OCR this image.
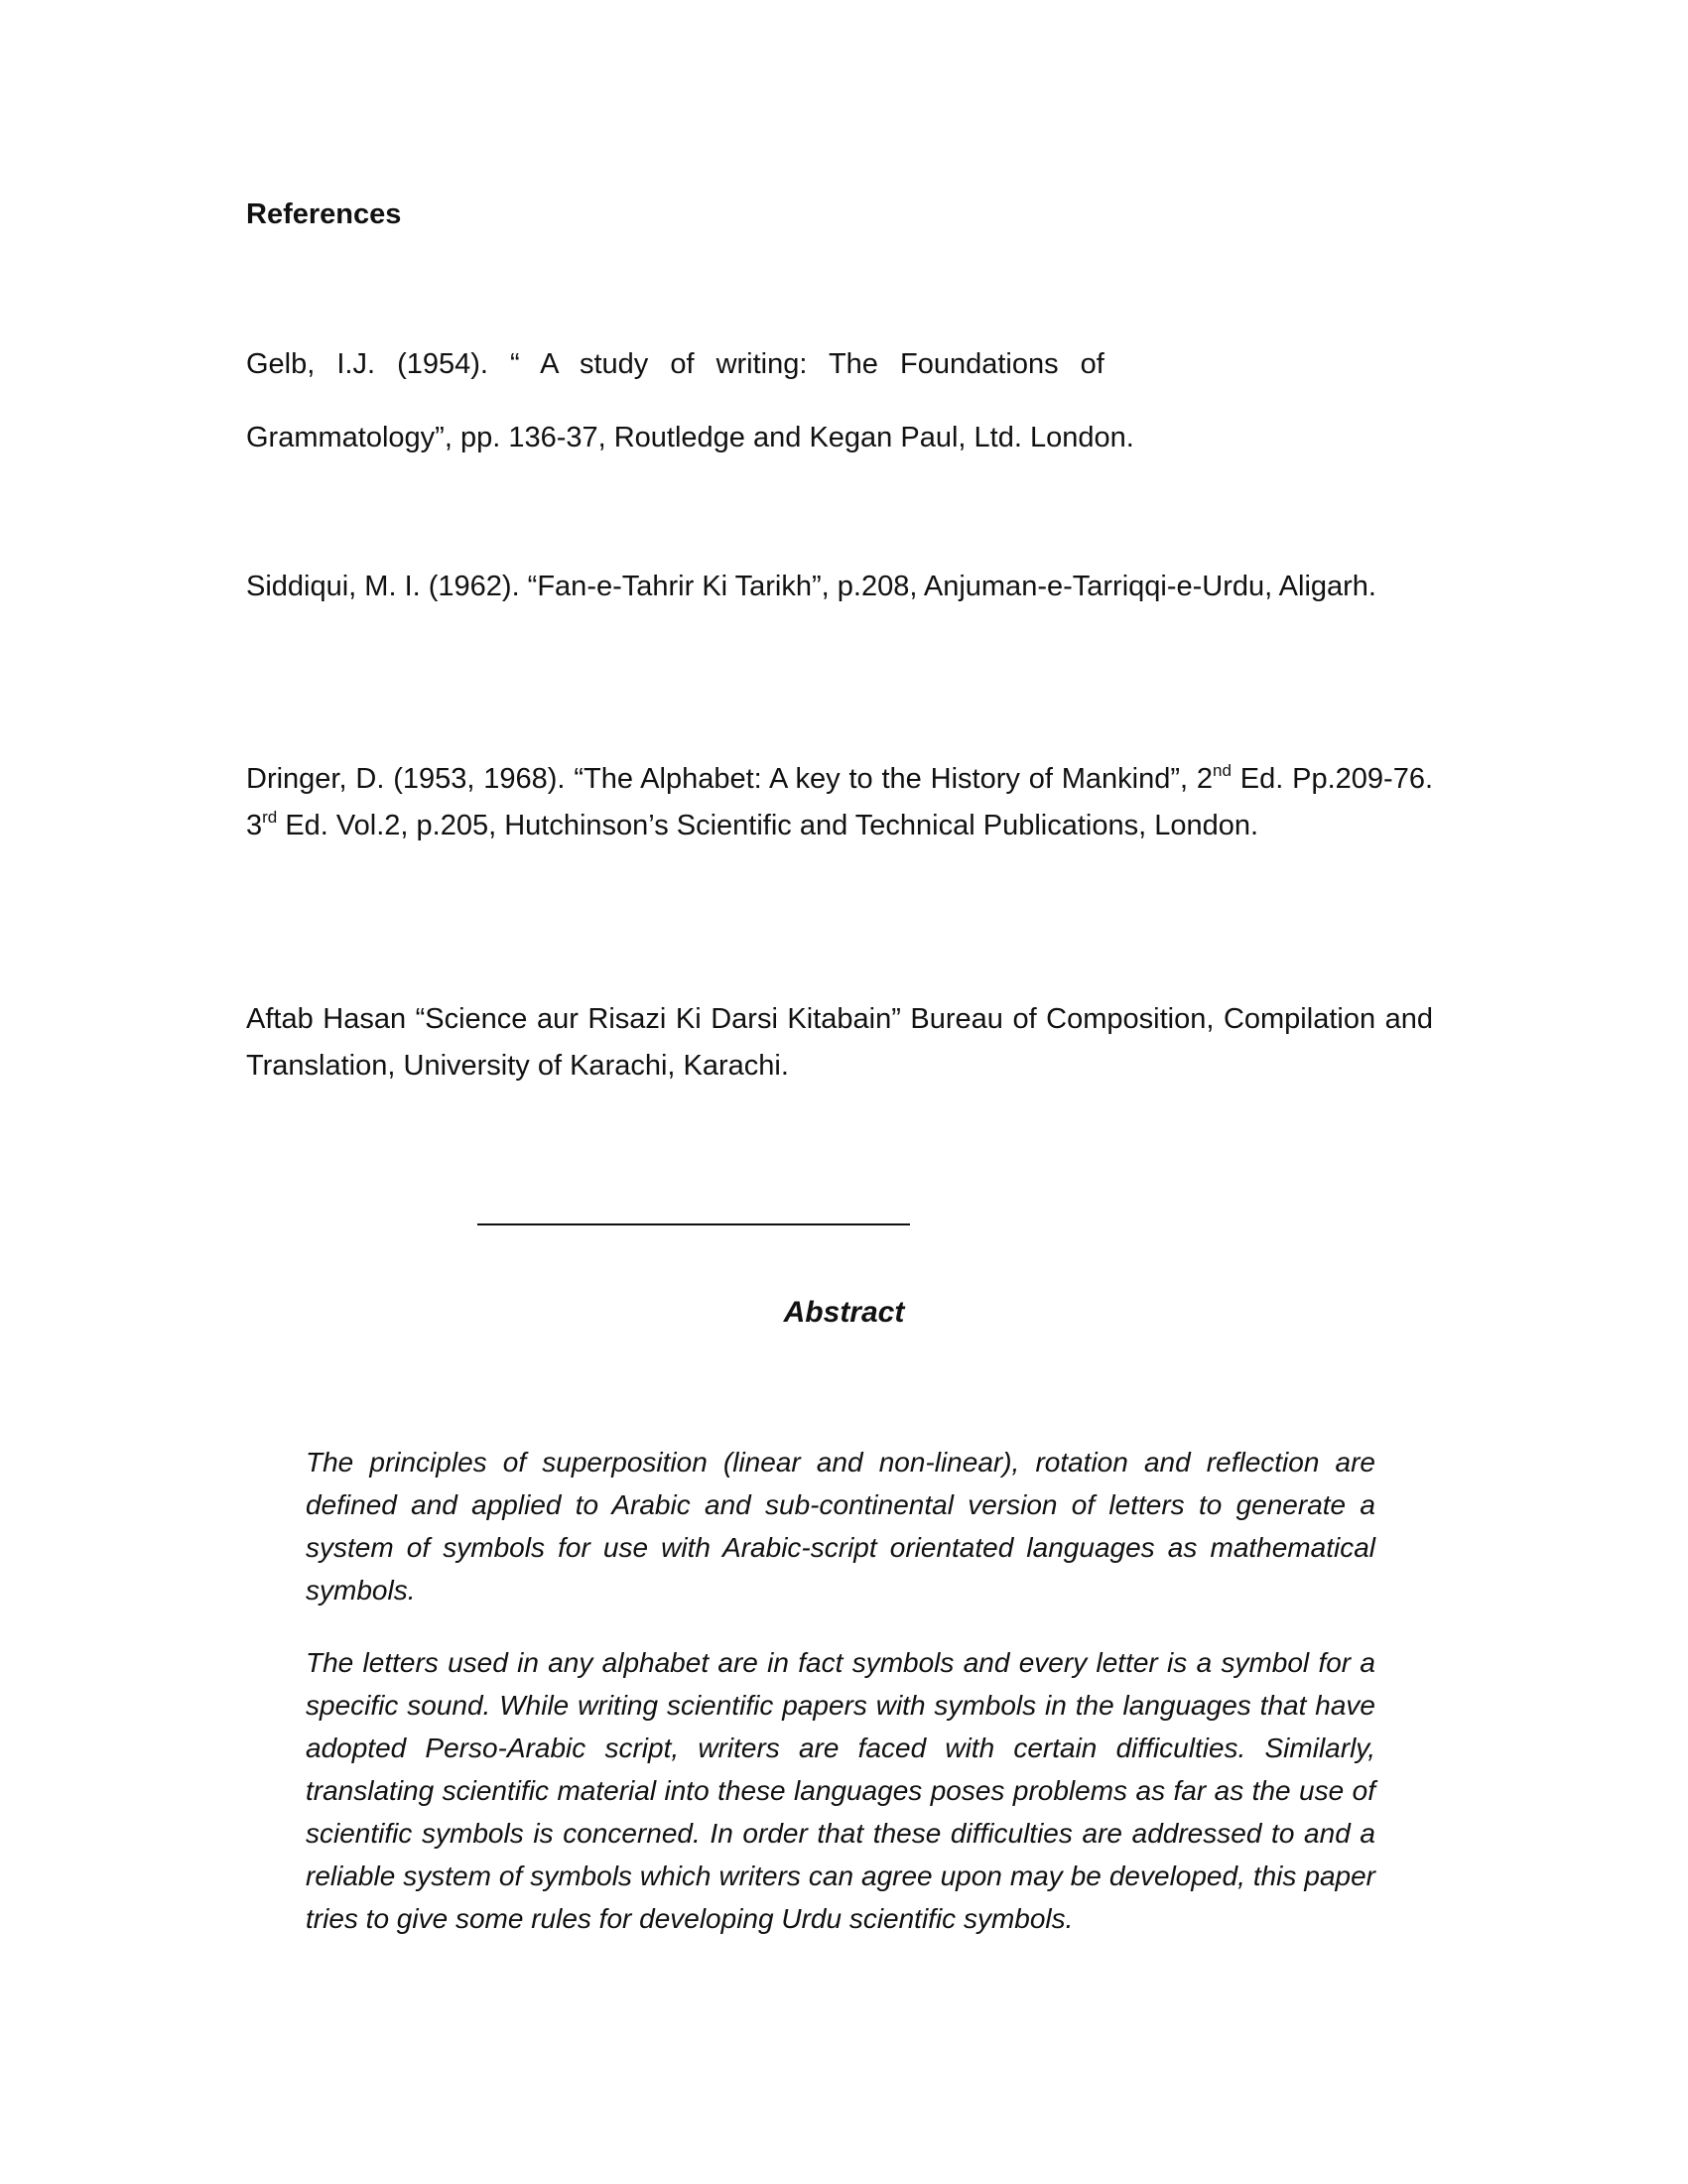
References

Gelb, I.J. (1954). “ A study of writing: The Foundations of

Grammatology”, pp. 136-37, Routledge and Kegan Paul, Ltd. London.

Siddiqui, M. I. (1962). “Fan-e-Tahrir Ki Tarikh”, p.208, Anjuman-e-Tarriqqi-e-Urdu, Aligarh.

Dringer, D. (1953, 1968). “The Alphabet: A key to the History of Mankind”, 2nd Ed. Pp.209-76. 3rd Ed. Vol.2, p.205, Hutchinson’s Scientific and Technical Publications, London.

Aftab Hasan “Science aur Risazi Ki Darsi Kitabain” Bureau of Composition, Compilation and Translation, University of Karachi, Karachi.

Abstract

The principles of superposition (linear and non-linear), rotation and reflection are defined and applied to Arabic and sub-continental version of letters to generate a system of symbols for use with Arabic-script orientated languages as mathematical symbols.

The letters used in any alphabet are in fact symbols and every letter is a symbol for a specific sound. While writing scientific papers with symbols in the languages that have adopted Perso-Arabic script, writers are faced with certain difficulties. Similarly, translating scientific material into these languages poses problems as far as the use of scientific symbols is concerned. In order that these difficulties are addressed to and a reliable system of symbols which writers can agree upon may be developed, this paper tries to give some rules for developing Urdu scientific symbols.
